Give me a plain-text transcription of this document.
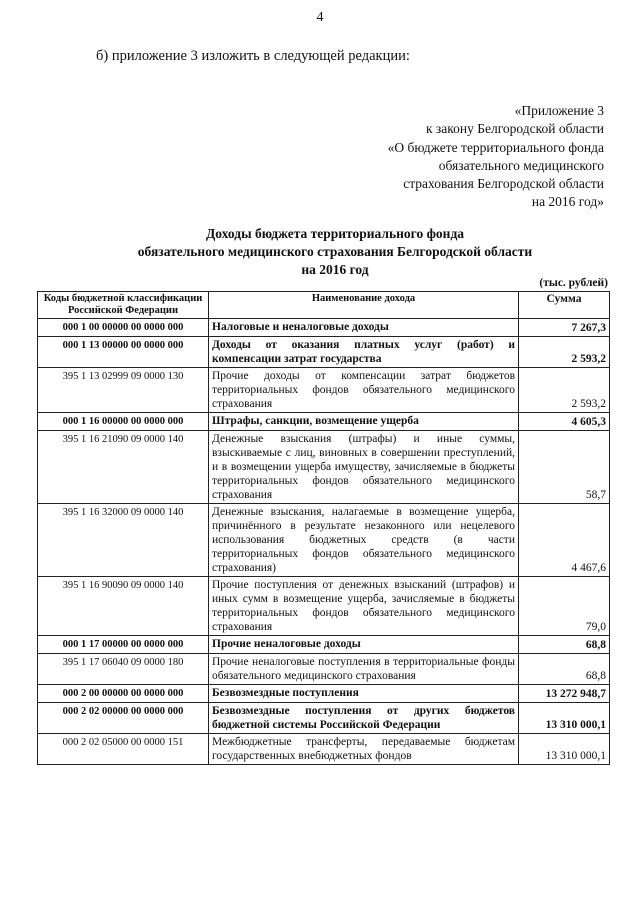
4
б) приложение 3 изложить в следующей редакции:
«Приложение 3
к закону Белгородской области
«О бюджете территориального фонда
обязательного медицинского
страхования Белгородской области
на 2016 год»
Доходы бюджета территориального фонда
обязательного медицинского страхования Белгородской области
на 2016 год
(тыс. рублей)
Коды бюджетной классификации Российской Федерации	Наименование дохода	Сумма
000 1 00 00000 00 0000 000	Налоговые и неналоговые доходы	7 267,3
000 1 13 00000 00 0000 000	Доходы от оказания платных услуг (работ) и компенсации затрат государства	2 593,2
395 1 13 02999 09 0000 130	Прочие доходы от компенсации затрат бюджетов территориальных фондов обязательного медицинского страхования	2 593,2
000 1 16 00000 00 0000 000	Штрафы, санкции, возмещение ущерба	4 605,3
395 1 16 21090 09 0000 140	Денежные взыскания (штрафы) и иные суммы, взыскиваемые с лиц, виновных в совершении преступлений, и в возмещении ущерба имуществу, зачисляемые в бюджеты территориальных фондов обязательного медицинского страхования	58,7
395 1 16 32000 09 0000 140	Денежные взыскания, налагаемые в возмещение ущерба, причинённого в результате незаконного или нецелевого использования бюджетных средств (в части территориальных фондов обязательного медицинского страхования)	4 467,6
395 1 16 90090 09 0000 140	Прочие поступления от денежных взысканий (штрафов) и иных сумм в возмещение ущерба, зачисляемые в бюджеты территориальных фондов обязательного медицинского страхования	79,0
000 1 17 00000 00 0000 000	Прочие неналоговые доходы	68,8
395 1 17 06040 09 0000 180	Прочие неналоговые поступления в территориальные фонды обязательного медицинского страхования	68,8
000 2 00 00000 00 0000 000	Безвозмездные поступления	13 272 948,7
000 2 02 00000 00 0000 000	Безвозмездные поступления от других бюджетов бюджетной системы Российской Федерации	13 310 000,1
000 2 02 05000 00 0000 151	Межбюджетные трансферты, передаваемые бюджетам государственных внебюджетных фондов	13 310 000,1
